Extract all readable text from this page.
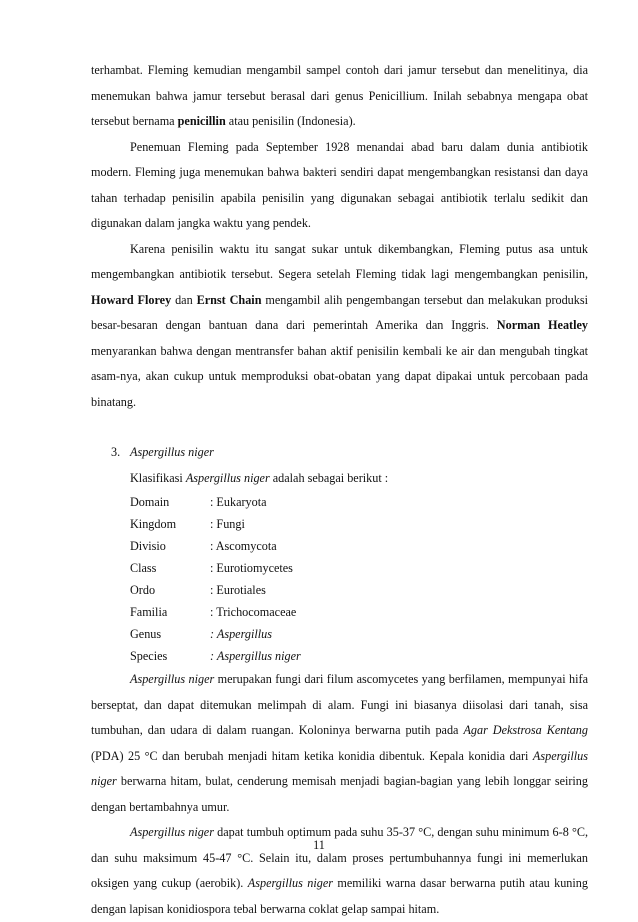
terhambat. Fleming kemudian mengambil sampel contoh dari jamur tersebut dan menelitinya, dia menemukan bahwa jamur tersebut berasal dari genus Penicillium. Inilah sebabnya mengapa obat tersebut bernama penicillin atau penisilin (Indonesia).

Penemuan Fleming pada September 1928 menandai abad baru dalam dunia antibiotik modern. Fleming juga menemukan bahwa bakteri sendiri dapat mengembangkan resistansi dan daya tahan terhadap penisilin apabila penisilin yang digunakan sebagai antibiotik terlalu sedikit dan digunakan dalam jangka waktu yang pendek.

Karena penisilin waktu itu sangat sukar untuk dikembangkan, Fleming putus asa untuk mengembangkan antibiotik tersebut. Segera setelah Fleming tidak lagi mengembangkan penisilin, Howard Florey dan Ernst Chain mengambil alih pengembangan tersebut dan melakukan produksi besar-besaran dengan bantuan dana dari pemerintah Amerika dan Inggris. Norman Heatley menyarankan bahwa dengan mentransfer bahan aktif penisilin kembali ke air dan mengubah tingkat asam-nya, akan cukup untuk memproduksi obat-obatan yang dapat dipakai untuk percobaan pada binatang.

3. Aspergillus niger

Klasifikasi Aspergillus niger adalah sebagai berikut :

Domain	: Eukaryota
Kingdom	: Fungi
Divisio	: Ascomycota
Class	: Eurotiomycetes
Ordo	: Eurotiales
Familia	: Trichocomaceae
Genus	: Aspergillus
Species	: Aspergillus niger

Aspergillus niger merupakan fungi dari filum ascomycetes yang berfilamen, mempunyai hifa berseptat, dan dapat ditemukan melimpah di alam. Fungi ini biasanya diisolasi dari tanah, sisa tumbuhan, dan udara di dalam ruangan. Koloninya berwarna putih pada Agar Dekstrosa Kentang (PDA) 25 °C dan berubah menjadi hitam ketika konidia dibentuk. Kepala konidia dari Aspergillus niger berwarna hitam, bulat, cenderung memisah menjadi bagian-bagian yang lebih longgar seiring dengan bertambahnya umur.

Aspergillus niger dapat tumbuh optimum pada suhu 35-37 °C, dengan suhu minimum 6-8 °C, dan suhu maksimum 45-47 °C. Selain itu, dalam proses pertumbuhannya fungi ini memerlukan oksigen yang cukup (aerobik). Aspergillus niger memiliki warna dasar berwarna putih atau kuning dengan lapisan konidiospora tebal berwarna coklat gelap sampai hitam.

11
